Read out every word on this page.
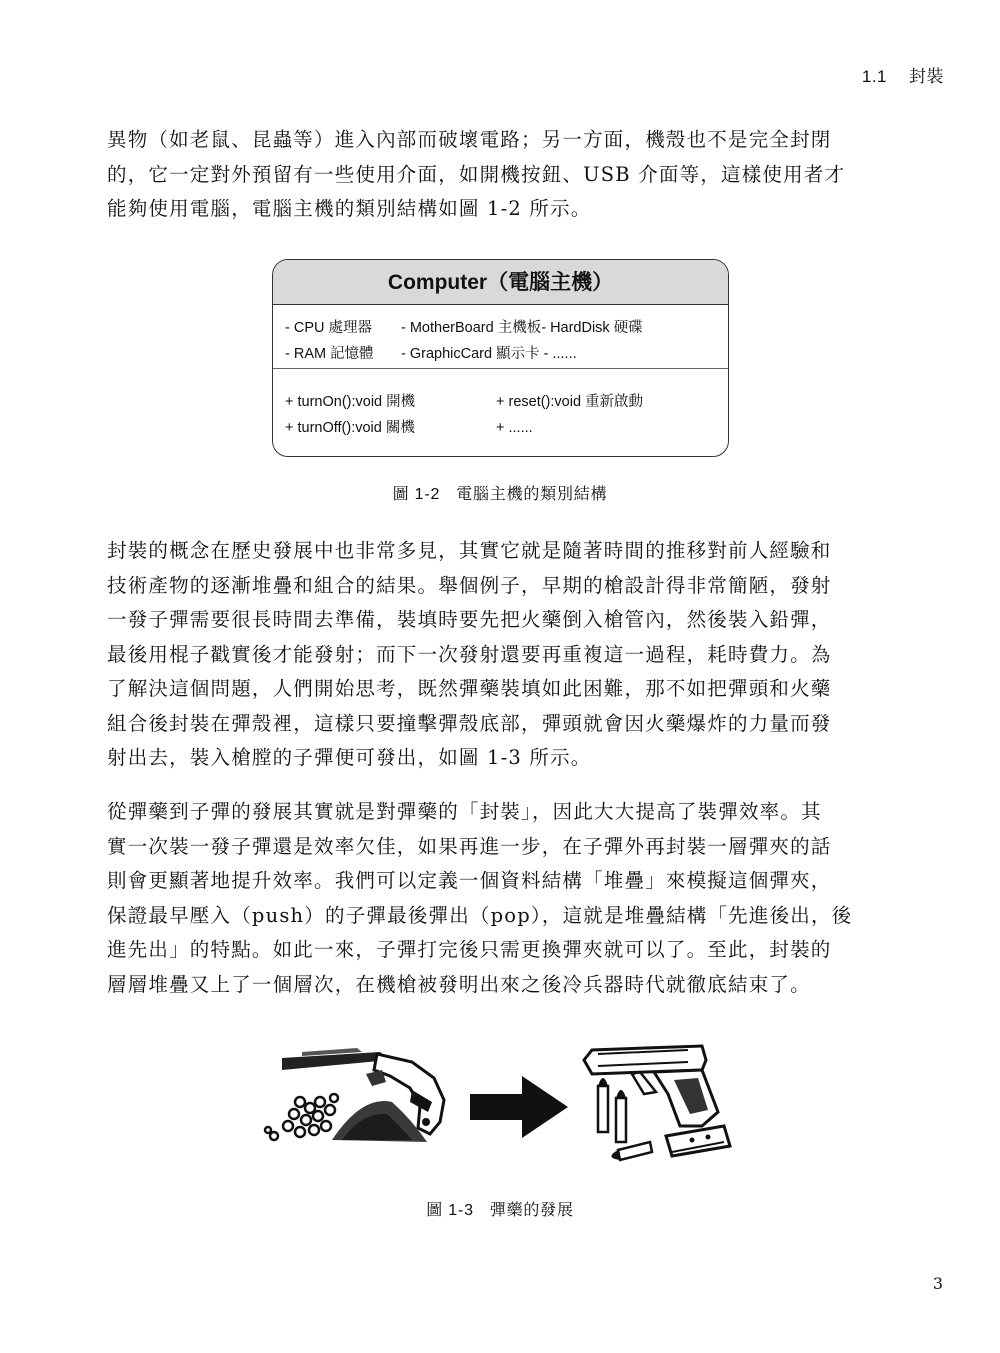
1.1 封裝

異物（如老鼠、昆蟲等）進入內部而破壞電路；另一方面，機殼也不是完全封閉
的，它一定對外預留有一些使用介面，如開機按鈕、USB 介面等，這樣使用者才
能夠使用電腦，電腦主機的類別結構如圖 1-2 所示。

Computer（電腦主機）
- CPU 處理器	- MotherBoard 主機板- HardDisk 硬碟
- RAM 記憶體	- GraphicCard 顯示卡 - ......
+ turnOn():void 開機	+ reset():void 重新啟動
+ turnOff():void 關機	+ ......
圖 1-2 電腦主機的類別結構

封裝的概念在歷史發展中也非常多見，其實它就是隨著時間的推移對前人經驗和
技術產物的逐漸堆疊和組合的結果。舉個例子，早期的槍設計得非常簡陋，發射
一發子彈需要很長時間去準備，裝填時要先把火藥倒入槍管內，然後裝入鉛彈，
最後用棍子戳實後才能發射；而下一次發射還要再重複這一過程，耗時費力。為
了解決這個問題，人們開始思考，既然彈藥裝填如此困難，那不如把彈頭和火藥
組合後封裝在彈殼裡，這樣只要撞擊彈殼底部，彈頭就會因火藥爆炸的力量而發
射出去，裝入槍膛的子彈便可發出，如圖 1-3 所示。

從彈藥到子彈的發展其實就是對彈藥的「封裝」，因此大大提高了裝彈效率。其
實一次裝一發子彈還是效率欠佳，如果再進一步，在子彈外再封裝一層彈夾的話
則會更顯著地提升效率。我們可以定義一個資料結構「堆疊」來模擬這個彈夾，
保證最早壓入（push）的子彈最後彈出（pop），這就是堆疊結構「先進後出，後
進先出」的特點。如此一來，子彈打完後只需更換彈夾就可以了。至此，封裝的
層層堆疊又上了一個層次，在機槍被發明出來之後冷兵器時代就徹底結束了。

圖 1-3 彈藥的發展
3
